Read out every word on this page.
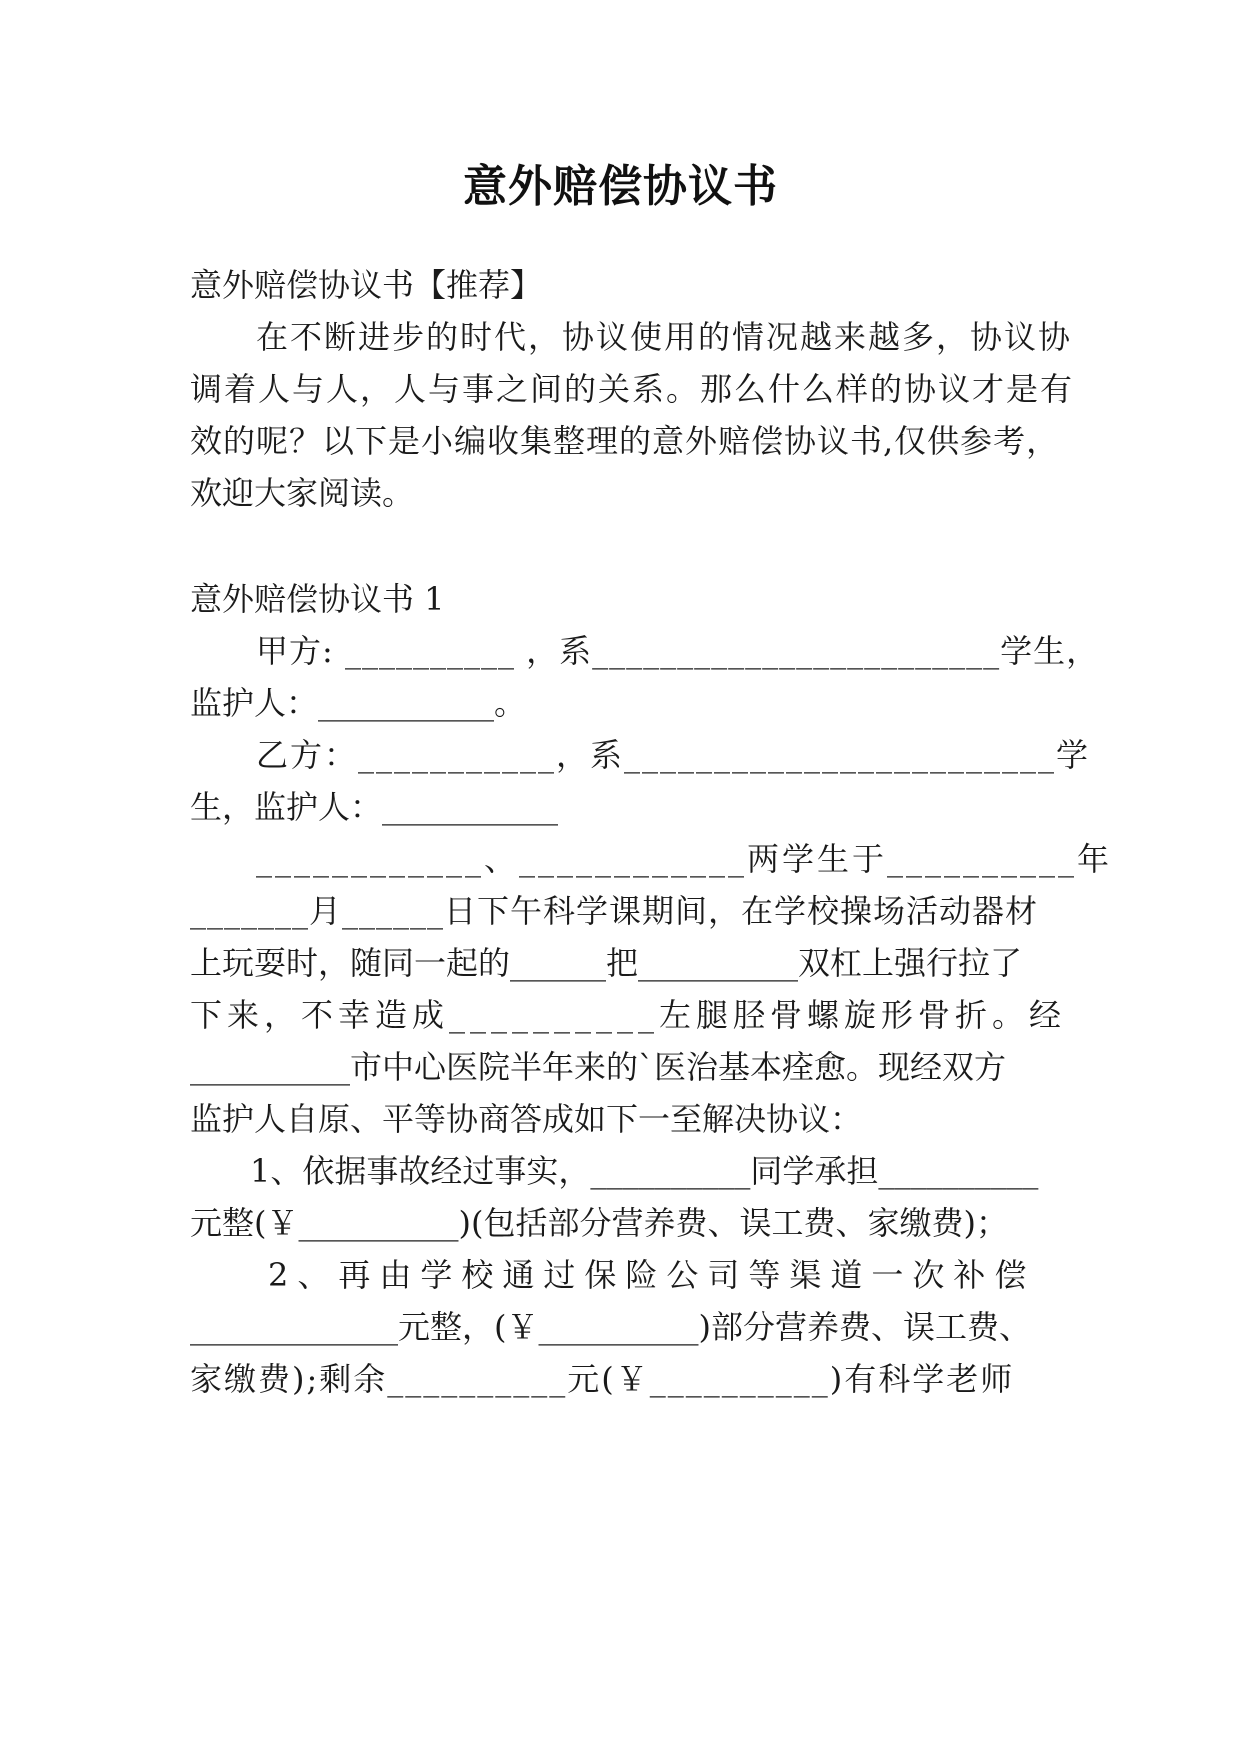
意外赔偿协议书
意外赔偿协议书【推荐】
在不断进步的时代，协议使用的情况越来越多，协议协
调着人与人，人与事之间的关系。那么什么样的协议才是有
效的呢？以下是小编收集整理的意外赔偿协议书,仅供参考，
欢迎大家阅读。
意外赔偿协议书 1
甲方: __________ ，系________________________学生，
监护人：___________。
乙方：___________，系________________________学
生，监护人：___________
____________、____________两学生于__________年
_______月______日下午科学课期间，在学校操场活动器材
上玩耍时，随同一起的______把__________双杠上强行拉了
下来，不幸造成__________左腿胫骨螺旋形骨折。经
__________市中心医院半年来的`医治基本痊愈。现经双方
监护人自原、平等协商答成如下一至解决协议：
1、依据事故经过事实，__________同学承担__________
元整(￥__________)(包括部分营养费、误工费、家缴费)；
2、再由学校通过保险公司等渠道一次补偿
_____________元整，(￥__________)部分营养费、误工费、
家缴费);剩余__________元(￥__________)有科学老师
